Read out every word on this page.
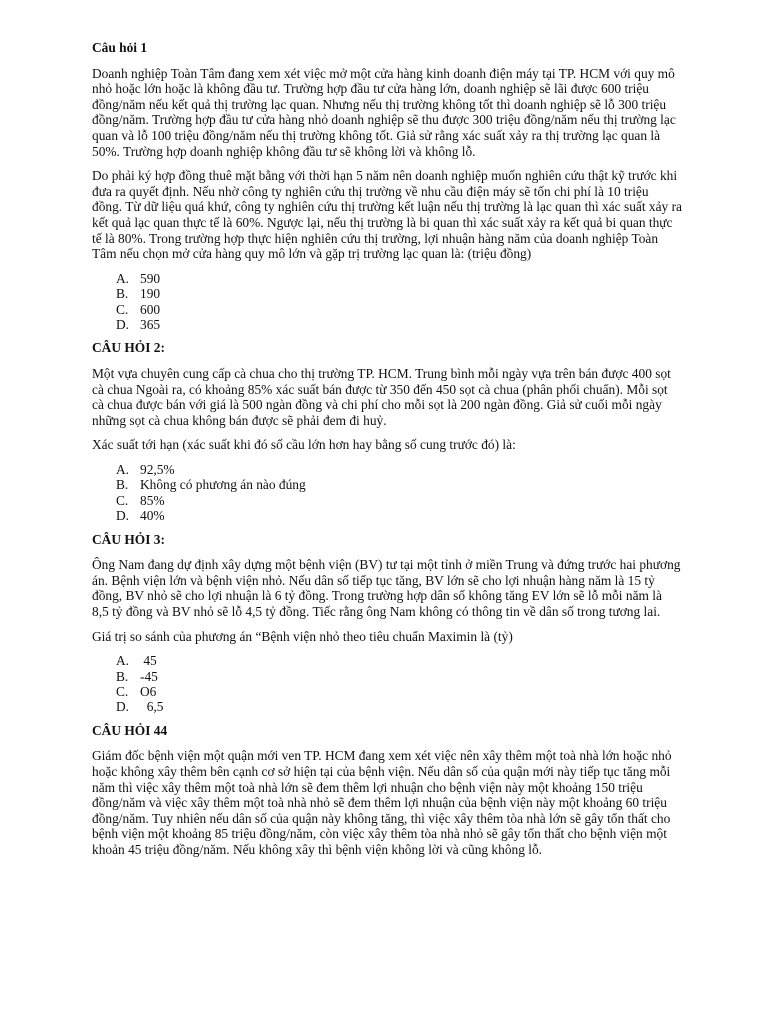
Câu hỏi 1

Doanh nghiệp Toàn Tâm đang xem xét việc mở một cửa hàng kinh doanh điện máy tại TP. HCM với quy mô nhỏ hoặc lớn hoặc là không đầu tư. Trường hợp đầu tư cửa hàng lớn, doanh nghiệp sẽ lãi được 600 triệu đồng/năm nếu kết quả thị trường lạc quan. Nhưng nếu thị trường không tốt thì doanh nghiệp sẽ lỗ 300 triệu đồng/năm. Trường hợp đầu tư cửa hàng nhỏ doanh nghiệp sẽ thu được 300 triệu đồng/năm nếu thị trường lạc quan và lỗ 100 triệu đồng/năm nếu thị trường không tốt. Giả sử rằng xác suất xảy ra thị trường lạc quan là 50%. Trường hợp doanh nghiệp không đầu tư sẽ không lời và không lỗ.

Do phải ký hợp đồng thuê mặt bằng với thời hạn 5 năm nên doanh nghiệp muốn nghiên cứu thật kỹ trước khi đưa ra quyết định. Nếu nhờ công ty nghiên cứu thị trường về nhu cầu điện máy sẽ tốn chi phí là 10 triệu đồng. Từ dữ liệu quá khứ, công ty nghiên cứu thị trường kết luận nếu thị trường là lạc quan thì xác suất xảy ra kết quả lạc quan thực tế là 60%. Ngược lại, nếu thị trường là bi quan thì xác suất xảy ra kết quả bi quan thực tế là 80%. Trong trường hợp thực hiện nghiên cứu thị trường, lợi nhuận hàng năm của doanh nghiệp Toàn Tâm nếu chọn mở cửa hàng quy mô lớn và gặp trị trường lạc quan là: (triệu đồng)

A. 590
B. 190
C. 600
D. 365
CÂU HỎI 2:

Một vựa chuyên cung cấp cà chua cho thị trường TP. HCM. Trung bình mỗi ngày vựa trên bán được 400 sọt cà chua Ngoài ra, có khoảng 85% xác suất bán được từ 350 đến 450 sọt cà chua (phân phối chuẩn). Mỗi sọt cà chua được bán với giá là 500 ngàn đồng và chi phí cho mỗi sọt là 200 ngàn đồng. Giả sử cuối mỗi ngày những sọt cà chua không bán được sẽ phải đem đi huỷ.

Xác suất tới hạn (xác suất khi đó số cầu lớn hơn hay bằng số cung trước đó) là:

A. 92,5%
B. Không có phương án nào đúng
C. 85%
D. 40%
CÂU HỎI 3:

Ông Nam đang dự định xây dựng một bệnh viện (BV) tư tại một tỉnh ở miền Trung và đứng trước hai phương án. Bệnh viện lớn và bệnh viện nhỏ. Nếu dân số tiếp tục tăng, BV lớn sẽ cho lợi nhuận hàng năm là 15 tỷ đồng, BV nhỏ sẽ cho lợi nhuận là 6 tỷ đồng. Trong trường hợp dân số không tăng EV lớn sẽ lỗ mỗi năm là 8,5 tỷ đồng và BV nhỏ sẽ lỗ 4,5 tỷ đồng. Tiếc rằng ông Nam không có thông tin về dân số trong tương lai.

Giá trị so sánh của phương án “Bệnh viện nhỏ theo tiêu chuẩn Maximin là (tỷ)

A. 45
B. -45
C. O6
D. 6,5
CÂU HỎI 44

Giám đốc bệnh viện một quận mới ven TP. HCM đang xem xét việc nên xây thêm một toà nhà lớn hoặc nhỏ hoặc không xây thêm bên cạnh cơ sở hiện tại của bệnh viện. Nếu dân số của quận mới này tiếp tục tăng mỗi năm thì việc xây thêm một toà nhà lớn sẽ đem thêm lợi nhuận cho bệnh viện này một khoảng 150 triệu đồng/năm và việc xây thêm một toà nhà nhỏ sẽ đem thêm lợi nhuận của bệnh viện này một khoảng 60 triệu đồng/năm. Tuy nhiên nếu dân số của quận này không tăng, thì việc xây thêm tòa nhà lớn sẽ gây tổn thất cho bệnh viện một khoảng 85 triệu đồng/năm, còn việc xây thêm tòa nhà nhỏ sẽ gây tổn thất cho bệnh viện một khoản 45 triệu đồng/năm. Nếu không xây thì bệnh viện không lời và cũng không lỗ.
